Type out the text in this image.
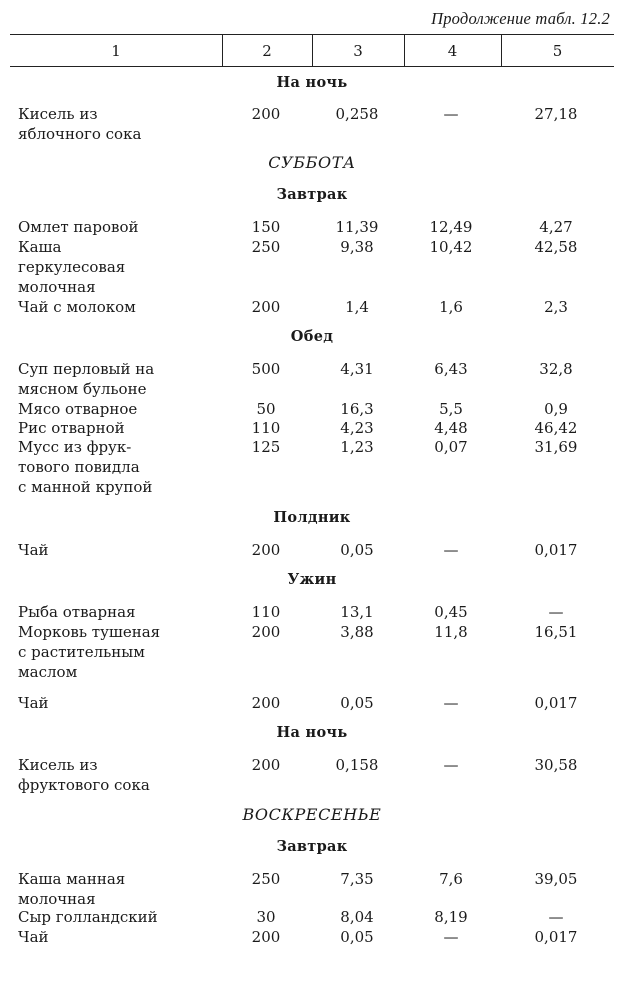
Продолжение табл. 12.2
1	2	3	4	5
На ночь
Кисель из
яблочного сока
200	0,258	—	27,18
СУББОТА
Завтрак
Омлет паровой	150	11,39	12,49	4,27
Каша
геркулесовая
молочная
250	9,38	10,42	42,58
Чай с молоком	200	1,4	1,6	2,3
Обед
Суп перловый на
мясном бульоне
500	4,31	6,43	32,8
Мясо отварное	50	16,3	5,5	0,9
Рис отварной	110	4,23	4,48	46,42
Мусс из фрук-
тового повидла
с манной крупой
125	1,23	0,07	31,69
Полдник
Чай	200	0,05	—	0,017
Ужин
Рыба отварная	110	13,1	0,45	—
Морковь тушеная
с растительным
маслом
200	3,88	11,8	16,51
Чай	200	0,05	—	0,017
На ночь
Кисель из
фруктового сока
200	0,158	—	30,58
ВОСКРЕСЕНЬЕ
Завтрак
Каша манная
молочная
250	7,35	7,6	39,05
Сыр голландский	30	8,04	8,19	—
Чай	200	0,05	—	0,017
